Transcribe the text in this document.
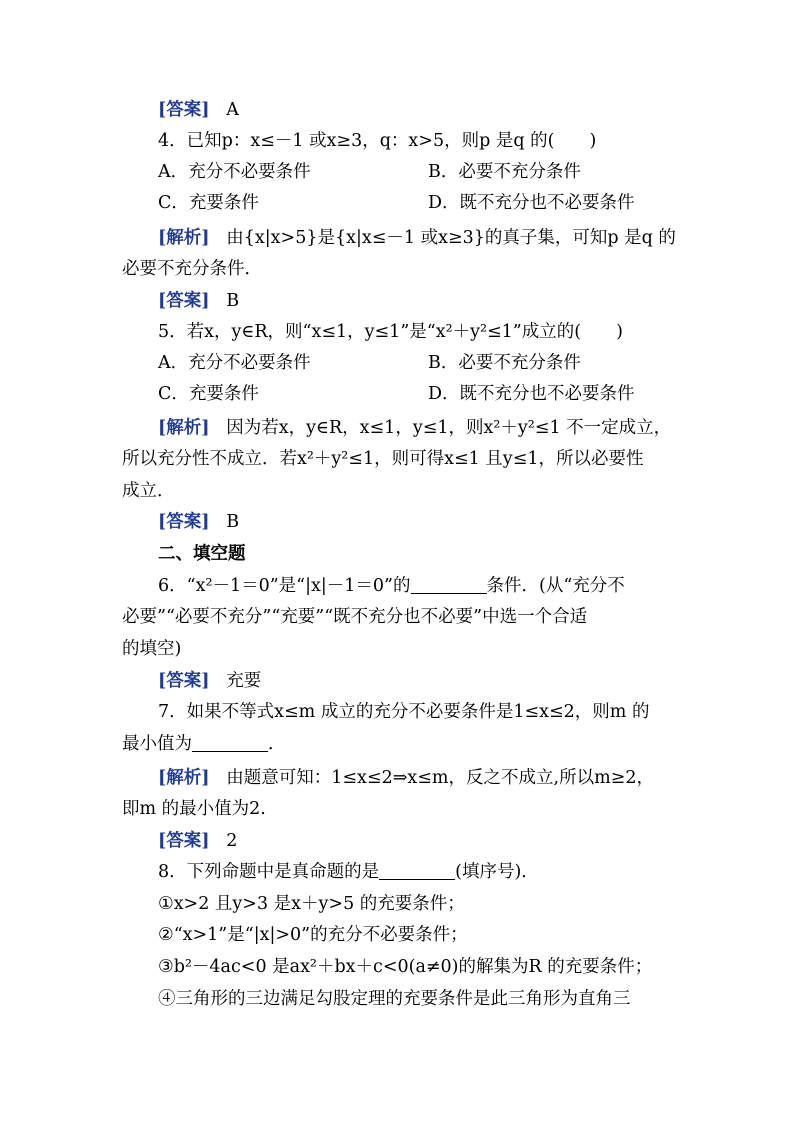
[答案] A
4．已知p：x≤－1 或x≥3，q：x>5，则p 是q 的(　　)
A．充分不必要条件	B．必要不充分条件
C．充要条件	D．既不充分也不必要条件
[解析] 由{x|x>5}是{x|x≤－1 或x≥3}的真子集，可知p 是q 的
必要不充分条件．
[答案] B
5．若x，y∈R，则“x≤1，y≤1”是“x²＋y²≤1”成立的(　　)
A．充分不必要条件	B．必要不充分条件
C．充要条件	D．既不充分也不必要条件
[解析] 因为若x，y∈R，x≤1，y≤1，则x²＋y²≤1 不一定成立，
所以充分性不成立．若x²＋y²≤1，则可得x≤1 且y≤1，所以必要性
成立．
[答案] B
二、填空题
6．“x²－1＝0”是“|x|－1＝0”的	条件．(从“充分不
必要”“必要不充分”“充要”“既不充分也不必要”中选一个合适
的填空)
[答案] 充要
7．如果不等式x≤m 成立的充分不必要条件是1≤x≤2，则m 的
最小值为	．
[解析] 由题意可知：1≤x≤2⇒x≤m，反之不成立,所以m≥2，
即m 的最小值为2.
[答案] 2
8．下列命题中是真命题的是	(填序号)．
①x>2 且y>3 是x＋y>5 的充要条件；
②“x>1”是“|x|>0”的充分不必要条件；
③b²－4ac<0 是ax²＋bx＋c<0(a≠0)的解集为R 的充要条件；
④三角形的三边满足勾股定理的充要条件是此三角形为直角三
